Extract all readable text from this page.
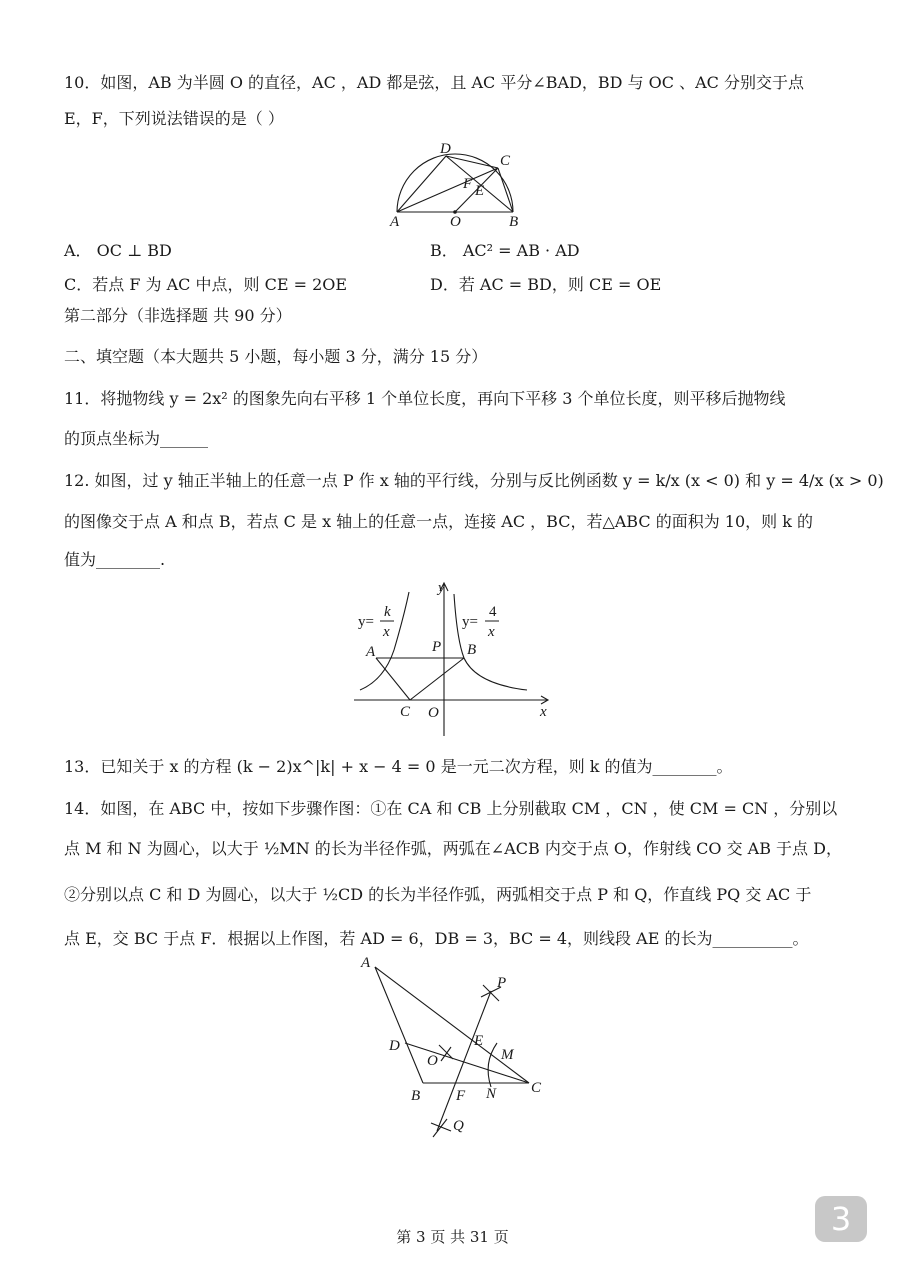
10．如图，AB 为半圆 O 的直径，AC ，AD 都是弦，且 AC 平分∠BAD，BD 与 OC 、AC 分别交于点
E，F，下列说法错误的是（ ）
A	O	B
C
D
E
F
A． OC ⊥ BD	B． AC² = AB · AD
C．若点 F 为 AC 中点，则 CE = 2OE	D．若 AC = BD，则 CE = OE
第二部分（非选择题 共 90 分）
二、填空题（本大题共 5 小题，每小题 3 分，满分 15 分）
11．将抛物线 y = 2x² 的图象先向右平移 1 个单位长度，再向下平移 3 个单位长度，则平移后抛物线
的顶点坐标为______
12. 如图，过 y 轴正半轴上的任意一点 P 作 x 轴的平行线，分别与反比例函数 y = k/x (x < 0) 和 y = 4/x (x > 0)
的图像交于点 A 和点 B，若点 C 是 x 轴上的任意一点，连接 AC ，BC，若△ABC 的面积为 10，则 k 的
值为________.
y
x
A	P B
C O
y=
k
x
y=
4
x
13．已知关于 x 的方程 (k − 2)x^|k| + x − 4 = 0 是一元二次方程，则 k 的值为________。
14．如图，在 ABC 中，按如下步骤作图：①在 CA 和 CB 上分别截取 CM ，CN ，使 CM = CN ，分别以
点 M 和 N 为圆心，以大于 ½MN 的长为半径作弧，两弧在∠ACB 内交于点 O，作射线 CO 交 AB 于点 D，
②分别以点 C 和 D 为圆心，以大于 ½CD 的长为半径作弧，两弧相交于点 P 和 Q，作直线 PQ 交 AC 于
点 E，交 BC 于点 F．根据以上作图，若 AD = 6，DB = 3，BC = 4，则线段 AE 的长为__________。
A
P
E
D
O	M
B F N C
Q
第 3 页 共 31 页	3
